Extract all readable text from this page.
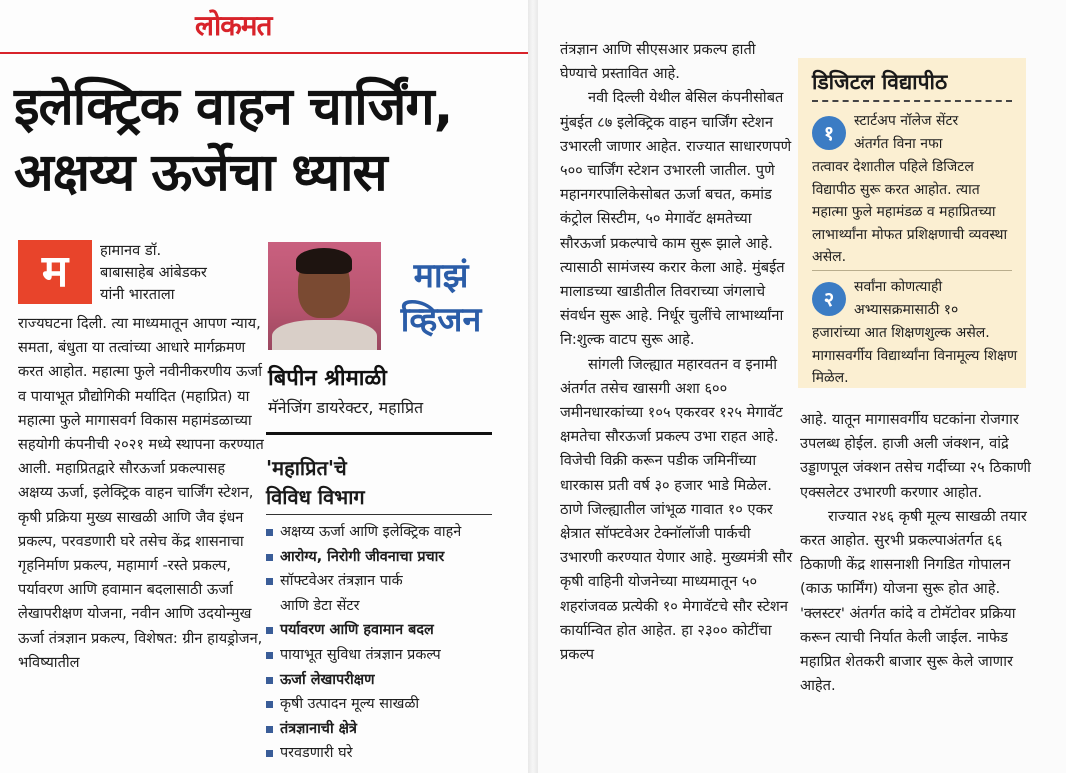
लोकमत
इलेक्ट्रिक वाहन चार्जिंग,
अक्षय्य ऊर्जेचा ध्यास
म	हामानव डॉ.
बाबासाहेब आंबेडकर
यांनी भारताला

राज्यघटना दिली. त्या माध्यमातून आपण न्याय, समता, बंधुता या तत्वांच्या आधारे मार्गक्रमण करत आहोत. महात्मा फुले नवीनीकरणीय ऊर्जा व पायाभूत प्रौद्योगिकी मर्यादित (महाप्रित) या महात्मा फुले मागासवर्ग विकास महामंडळाच्या सहयोगी कंपनीची २०२१ मध्ये स्थापना करण्यात आली. महाप्रितद्वारे सौरऊर्जा प्रकल्पासह अक्षय्य ऊर्जा, इलेक्ट्रिक वाहन चार्जिंग स्टेशन, कृषी प्रक्रिया मुख्य साखळी आणि जैव इंधन प्रकल्प, परवडणारी घरे तसेच केंद्र शासनाचा गृहनिर्माण प्रकल्प, महामार्ग -रस्ते प्रकल्प, पर्यावरण आणि हवामान बदलासाठी ऊर्जा लेखापरीक्षण योजना, नवीन आणि उदयोन्मुख ऊर्जा तंत्रज्ञान प्रकल्प, विशेषत: ग्रीन हायड्रोजन, भविष्यातील

माझं
व्हिजन
बिपीन श्रीमाळी
मॅनेजिंग डायरेक्टर, महाप्रित
'महाप्रित'चे
विविध विभाग
अक्षय्य ऊर्जा आणि इलेक्ट्रिक वाहने
आरोग्य, निरोगी जीवनाचा प्रचार
सॉफ्टवेअर तंत्रज्ञान पार्क
आणि डेटा सेंटर
पर्यावरण आणि हवामान बदल
पायाभूत सुविधा तंत्रज्ञान प्रकल्प
ऊर्जा लेखापरीक्षण
कृषी उत्पादन मूल्य साखळी
तंत्रज्ञानाची क्षेत्रे
परवडणारी घरे

तंत्रज्ञान आणि सीएसआर प्रकल्प हाती घेण्याचे प्रस्तावित आहे.

नवी दिल्ली येथील बेसिल कंपनीसोबत मुंबईत ८७ इलेक्ट्रिक वाहन चार्जिंग स्टेशन उभारली जाणार आहेत. राज्यात साधारणपणे ५०० चार्जिंग स्टेशन उभारली जातील. पुणे महानगरपालिकेसोबत ऊर्जा बचत, कमांड कंट्रोल सिस्टीम, ५० मेगावॅट क्षमतेच्या सौरऊर्जा प्रकल्पाचे काम सुरू झाले आहे. त्यासाठी सामंजस्य करार केला आहे. मुंबईत मालाडच्या खाडीतील तिवराच्या जंगलाचे संवर्धन सुरू आहे. निर्धूर चुलींचे लाभार्थ्यांना नि:शुल्क वाटप सुरू आहे.

सांगली जिल्ह्यात महारवतन व इनामी अंतर्गत तसेच खासगी अशा ६०० जमीनधारकांच्या १०५ एकरवर १२५ मेगावॅट क्षमतेचा सौरऊर्जा प्रकल्प उभा राहत आहे. विजेची विक्री करून पडीक जमिनींच्या धारकास प्रती वर्ष ३० हजार भाडे मिळेल. ठाणे जिल्ह्यातील जांभूळ गावात १० एकर क्षेत्रात सॉफ्टवेअर टेक्नॉलॉजी पार्कची उभारणी करण्यात येणार आहे. मुख्यमंत्री सौर कृषी वाहिनी योजनेच्या माध्यमातून ५० शहरांजवळ प्रत्येकी १० मेगावॅटचे सौर स्टेशन कार्यान्वित होत आहेत. हा २३०० कोटींचा प्रकल्प

डिजिटल विद्यापीठ
१	स्टार्टअप नॉलेज सेंटर
अंतर्गत विना नफा
तत्वावर देशातील पहिले डिजिटल विद्यापीठ सुरू करत आहोत. त्यात महात्मा फुले महामंडळ व महाप्रितच्या लाभार्थ्यांना मोफत प्रशिक्षणाची व्यवस्था असेल.
२	सर्वांना कोणत्याही
अभ्यासक्रमासाठी १०
हजारांच्या आत शिक्षणशुल्क असेल. मागासवर्गीय विद्यार्थ्यांना विनामूल्य शिक्षण मिळेल.

आहे. यातून मागासवर्गीय घटकांना रोजगार उपलब्ध होईल. हाजी अली जंक्शन, वांद्रे उड्डाणपूल जंक्शन तसेच गर्दीच्या २५ ठिकाणी एक्सलेटर उभारणी करणार आहोत.

राज्यात २४६ कृषी मूल्य साखळी तयार करत आहोत. सुरभी प्रकल्पाअंतर्गत ६६ ठिकाणी केंद्र शासनाशी निगडित गोपालन (काऊ फार्मिंग) योजना सुरू होत आहे. 'क्लस्टर' अंतर्गत कांदे व टोमॅटोवर प्रक्रिया करून त्याची निर्यात केली जाईल. नाफेड महाप्रित शेतकरी बाजार सुरू केले जाणार आहेत.
